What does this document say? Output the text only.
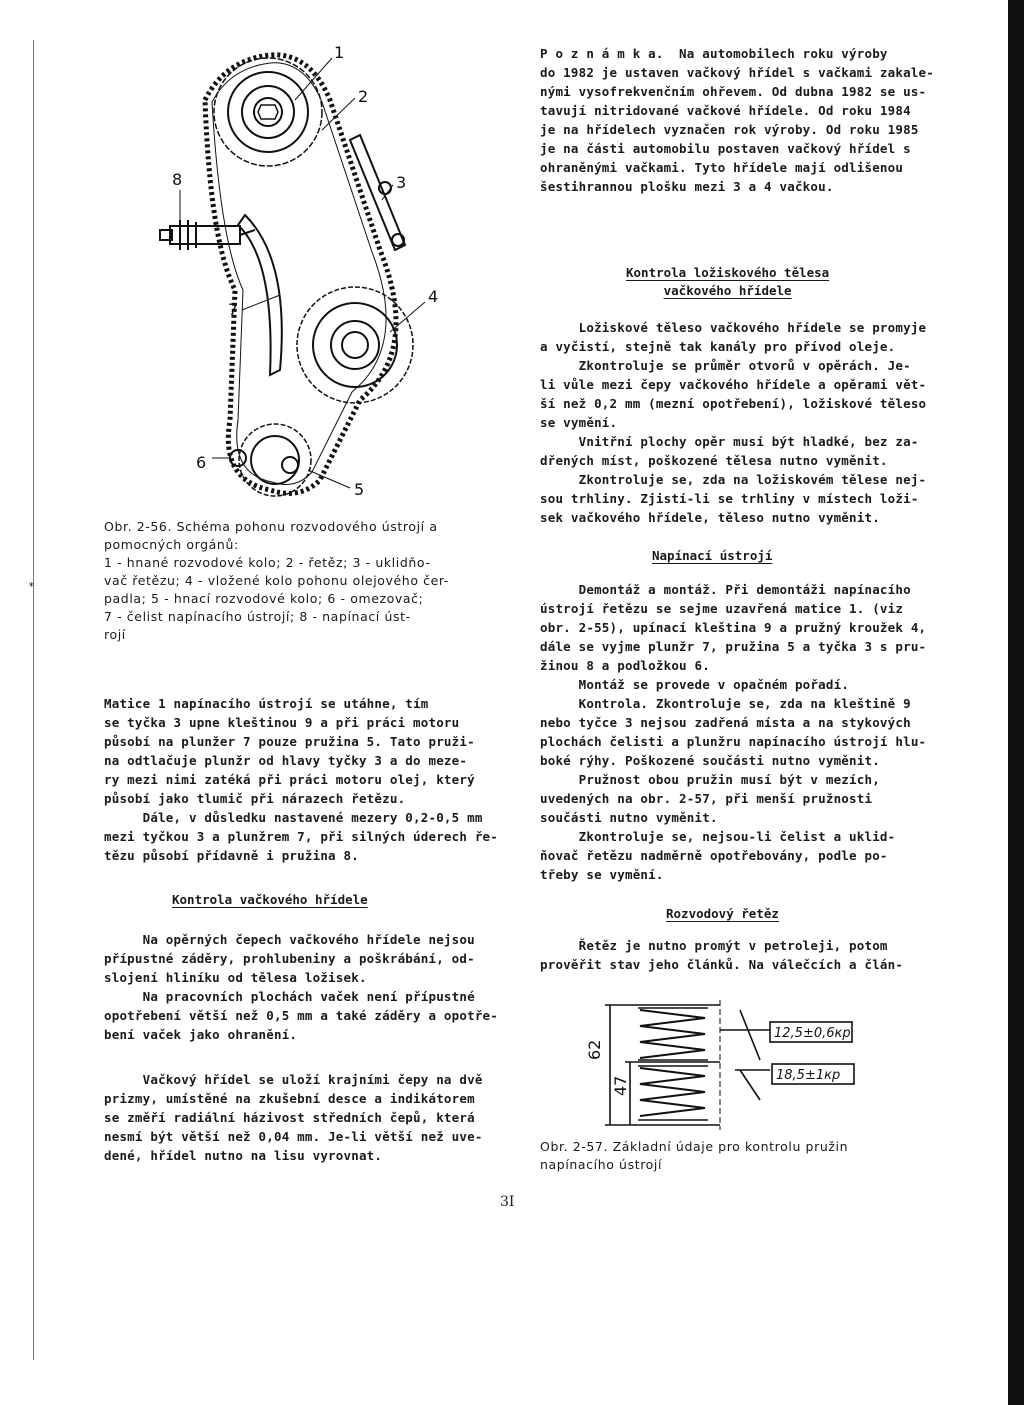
*
1
2
3
4
5
6
7
8

Obr. 2-56. Schéma pohonu rozvodového ústrojí a
pomocných orgánů:
1 - hnané rozvodové kolo; 2 - řetěz; 3 - uklidňo-
vač řetězu; 4 - vložené kolo pohonu olejového čer-
padla; 5 - hnací rozvodové kolo; 6 - omezovač;
7 - čelist napínacího ústrojí; 8 - napínací úst-
rojí

Matice 1 napínacího ústrojí se utáhne, tím
se tyčka 3 upne kleštinou 9 a při práci motoru
působí na plunžer 7 pouze pružina 5. Tato pruži-
na odtlačuje plunžr od hlavy tyčky 3 a do meze-
ry mezi nimi zatéká při práci motoru olej, který
působí jako tlumič při nárazech řetězu.
Dále, v důsledku nastavené mezery 0,2-0,5 mm
mezi tyčkou 3 a plunžrem 7, při silných úderech ře-
tězu působí přídavně i pružina 8.

Kontrola vačkového hřídele

Na opěrných čepech vačkového hřídele nejsou
přípustné záděry, prohlubeniny a poškrábání, od-
slojení hliníku od tělesa ložisek.
Na pracovních plochách vaček není přípustné
opotřebení větší než 0,5 mm a také záděry a opotře-
bení vaček jako ohranění.

Vačkový hřídel se uloží krajními čepy na dvě
prizmy, umístěné na zkušební desce a indikátorem
se změří radiální házivost středních čepů, která
nesmí být větší než 0,04 mm. Je-li větší než uve-
dené, hřídel nutno na lisu vyrovnat.

P o z n á m k a.  Na automobilech roku výroby
do 1982 je ustaven vačkový hřídel s vačkami zakale-
nými vysofrekvenčním ohřevem. Od dubna 1982 se us-
tavují nitridované vačkové hřídele. Od roku 1984
je na hřídelech vyznačen rok výroby. Od roku 1985
je na části automobilu postaven vačkový hřídel s
ohraněnými vačkami. Tyto hřídele mají odlišenou
šestihrannou plošku mezi 3 a 4 vačkou.

Kontrola ložiskového tělesa
vačkového hřídele

Ložiskové těleso vačkového hřídele se promyje
a vyčistí, stejně tak kanály pro přívod oleje.
Zkontroluje se průměr otvorů v opěrách. Je-
li vůle mezi čepy vačkového hřídele a opěrami vět-
ší než 0,2 mm (mezní opotřebení), ložiskové těleso
se vymění.
Vnitřní plochy opěr musí být hladké, bez za-
dřených míst, poškozené tělesa nutno vyměnit.
Zkontroluje se, zda na ložiskovém tělese nej-
sou trhliny. Zjistí-li se trhliny v místech loži-
sek vačkového hřídele, těleso nutno vyměnit.

Napínací ústrojí

Demontáž a montáž. Při demontáži napínacího
ústrojí řetězu se sejme uzavřená matice 1. (viz
obr. 2-55), upínací kleština 9 a pružný kroužek 4,
dále se vyjme plunžr 7, pružina 5 a tyčka 3 s pru-
žinou 8 a podložkou 6.
Montáž se provede v opačném pořadí.
Kontrola. Zkontroluje se, zda na kleštině 9
nebo tyčce 3 nejsou zadřená místa a na stykových
plochách čelisti a plunžru napínacího ústrojí hlu-
boké rýhy. Poškozené součásti nutno vyměnit.
Pružnost obou pružin musí být v mezích,
uvedených na obr. 2-57, při menší pružnosti
součásti nutno vyměnit.
Zkontroluje se, nejsou-li čelist a uklid-
ňovač řetězu nadměrně opotřebovány, podle po-
třeby se vymění.

Rozvodový řetěz

Řetěz je nutno promýt v petroleji, potom
prověřit stav jeho článků. Na válečcích a člán-

62
47
12,5±0,6кр
18,5±1кр

Obr. 2-57. Základní údaje pro kontrolu pružin
napínacího ústrojí

3I
